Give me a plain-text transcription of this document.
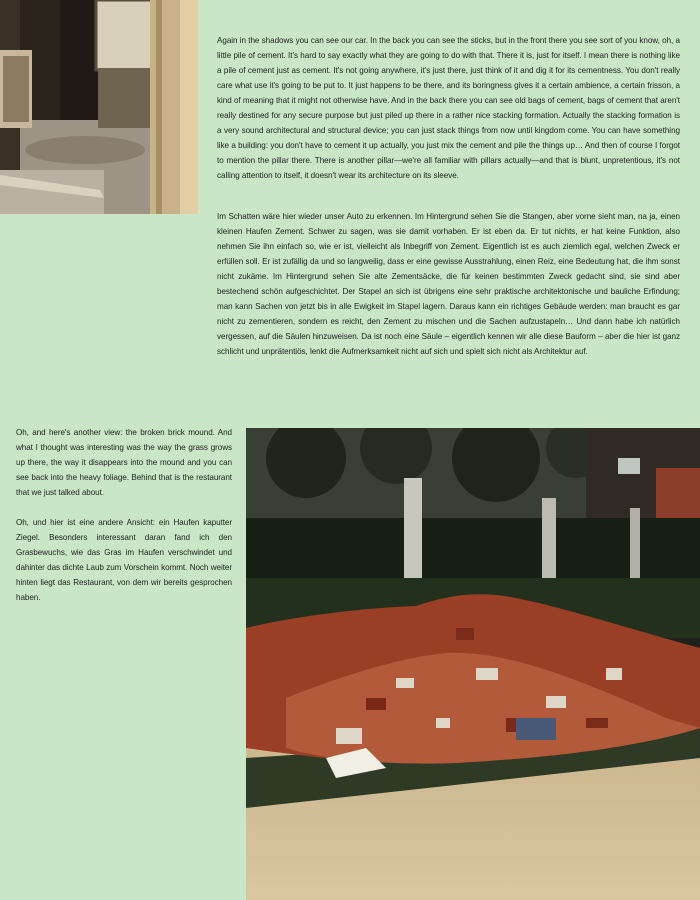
Again in the shadows you can see our car. In the back you can see the sticks, but in the front there you see sort of you know, oh, a little pile of cement. It's hard to say exactly what they are going to do with that. There it is, just for itself. I mean there is nothing like a pile of cement just as cement. It's not going anywhere, it's just there, just think of it and dig it for its cementness. You don't really care what use it's going to be put to. It just happens to be there, and its boringness gives it a certain ambience, a certain frisson, a kind of meaning that it might not otherwise have. And in the back there you can see old bags of cement, bags of cement that aren't really destined for any secure purpose but just piled up there in a rather nice stacking formation. Actually the stacking formation is a very sound architectural and structural device; you can just stack things from now until kingdom come. You can have something like a building: you don't have to cement it up actually, you just mix the cement and pile the things up… And then of course I forgot to mention the pillar there. There is another pillar—we're all familiar with pillars actually—and that is blunt, unpretentious, it's not calling attention to itself, it doesn't wear its architecture on its sleeve.

Im Schatten wäre hier wieder unser Auto zu erkennen. Im Hintergrund sehen Sie die Stangen, aber vorne sieht man, na ja, einen kleinen Haufen Zement. Schwer zu sagen, was sie damit vorhaben. Er ist eben da. Er tut nichts, er hat keine Funktion, also nehmen Sie ihn einfach so, wie er ist, vielleicht als Inbegriff von Zement. Eigentlich ist es auch ziemlich egal, welchen Zweck er erfüllen soll. Er ist zufällig da und so langweilig, dass er eine gewisse Ausstrahlung, einen Reiz, eine Bedeutung hat, die ihm sonst nicht zukäme. Im Hintergrund sehen Sie alte Zementsäcke, die für keinen bestimmten Zweck gedacht sind, sie sind aber bestechend schön aufgeschichtet. Der Stapel an sich ist übrigens eine sehr praktische architektonische und bauliche Erfindung; man kann Sachen von jetzt bis in alle Ewigkeit im Stapel lagern. Daraus kann ein richtiges Gebäude werden: man braucht es gar nicht zu zementieren, sondern es reicht, den Zement zu mischen und die Sachen aufzustapeln… Und dann habe ich natürlich vergessen, auf die Säulen hinzuweisen. Da ist noch eine Säule – eigentlich kennen wir alle diese Bauform – aber die hier ist ganz schlicht und unprätentiös, lenkt die Aufmerksamkeit nicht auf sich und spielt sich nicht als Architektur auf.

Oh, and here's another view: the broken brick mound. And what I thought was interesting was the way the grass grows up there, the way it disappears into the mound and you can see back into the heavy foliage. Behind that is the restaurant that we just talked about.

Oh, und hier ist eine andere Ansicht: ein Haufen kaputter Ziegel. Besonders interessant daran fand ich den Grasbewuchs, wie das Gras im Haufen verschwindet und dahinter das dichte Laub zum Vorschein kommt. Noch weiter hinten liegt das Restaurant, von dem wir bereits gesprochen haben.
